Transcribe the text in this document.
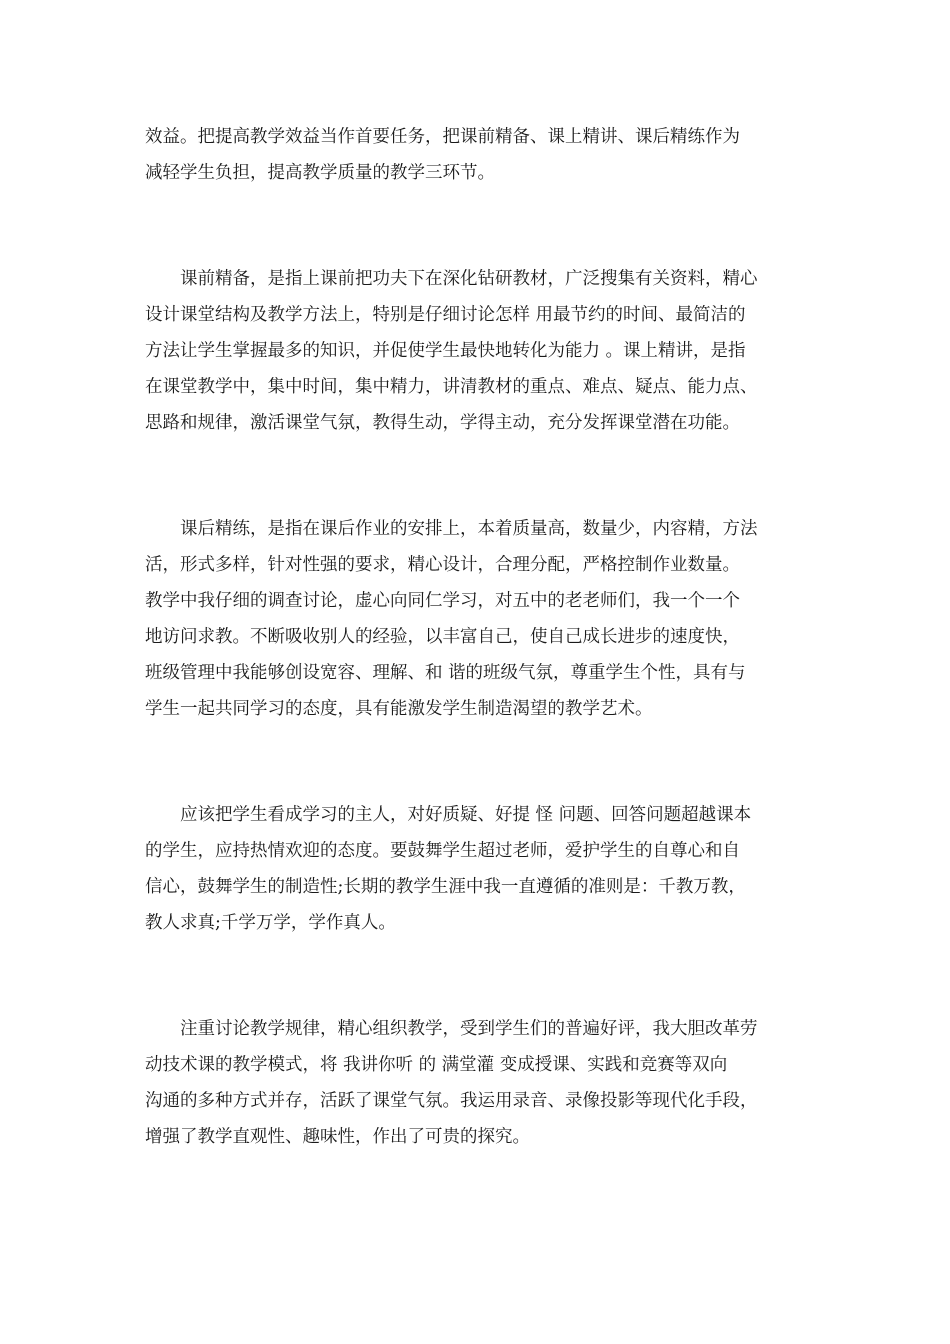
效益。把提高教学效益当作首要任务，把课前精备、课上精讲、课后精练作为
减轻学生负担，提高教学质量的教学三环节。

　　课前精备，是指上课前把功夫下在深化钻研教材，广泛搜集有关资料，精心
设计课堂结构及教学方法上，特别是仔细讨论怎样 用最节约的时间、最简洁的
方法让学生掌握最多的知识，并促使学生最快地转化为能力 。课上精讲，是指
在课堂教学中，集中时间，集中精力，讲清教材的重点、难点、疑点、能力点、
思路和规律，激活课堂气氛，教得生动，学得主动，充分发挥课堂潜在功能。

　　课后精练，是指在课后作业的安排上，本着质量高，数量少，内容精，方法
活，形式多样，针对性强的要求，精心设计，合理分配，严格控制作业数量。
教学中我仔细的调查讨论，虚心向同仁学习，对五中的老老师们，我一个一个
地访问求教。不断吸收别人的经验，以丰富自己，使自己成长进步的速度快，
班级管理中我能够创设宽容、理解、和 谐的班级气氛，尊重学生个性，具有与
学生一起共同学习的态度，具有能激发学生制造渴望的教学艺术。

　　应该把学生看成学习的主人，对好质疑、好提 怪 问题、回答问题超越课本
的学生，应持热情欢迎的态度。要鼓舞学生超过老师，爱护学生的自尊心和自
信心，鼓舞学生的制造性;长期的教学生涯中我一直遵循的准则是：千教万教，
教人求真;千学万学，学作真人。

　　注重讨论教学规律，精心组织教学，受到学生们的普遍好评，我大胆改革劳
动技术课的教学模式，将 我讲你听 的 满堂灌 变成授课、实践和竞赛等双向
沟通的多种方式并存，活跃了课堂气氛。我运用录音、录像投影等现代化手段，
增强了教学直观性、趣味性，作出了可贵的探究。
